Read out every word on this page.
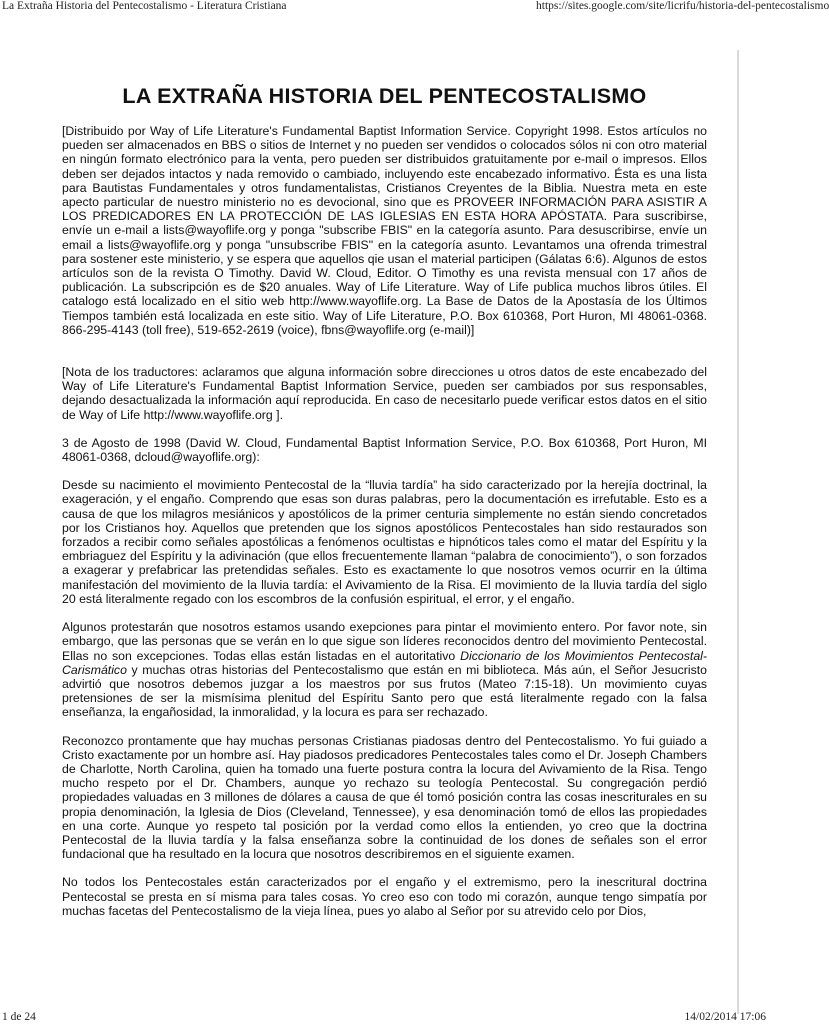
La Extraña Historia del Pentecostalismo - Literatura Cristiana	https://sites.google.com/site/licrifu/historia-del-pentecostalismo
LA EXTRAÑA HISTORIA DEL PENTECOSTALISMO

[Distribuido por Way of Life Literature's Fundamental Baptist Information Service. Copyright 1998. Estos artículos no pueden ser almacenados en BBS o sitios de Internet y no pueden ser vendidos o colocados sólos ni con otro material en ningún formato electrónico para la venta, pero pueden ser distribuidos gratuitamente por e-mail o impresos. Ellos deben ser dejados intactos y nada removido o cambiado, incluyendo este encabezado informativo. Ésta es una lista para Bautistas Fundamentales y otros fundamentalistas, Cristianos Creyentes de la Biblia. Nuestra meta en este apecto particular de nuestro ministerio no es devocional, sino que es PROVEER INFORMACIÓN PARA ASISTIR A LOS PREDICADORES EN LA PROTECCIÓN DE LAS IGLESIAS EN ESTA HORA APÓSTATA. Para suscribirse, envíe un e-mail a lists@wayoflife.org y ponga "subscribe FBIS" en la categoría asunto. Para desuscribirse, envíe un email a lists@wayoflife.org y ponga "unsubscribe FBIS" en la categoría asunto. Levantamos una ofrenda trimestral para sostener este ministerio, y se espera que aquellos qie usan el material participen (Gálatas 6:6). Algunos de estos artículos son de la revista O Timothy. David W. Cloud, Editor. O Timothy es una revista mensual con 17 años de publicación. La subscripción es de $20 anuales. Way of Life Literature. Way of Life publica muchos libros útiles. El catalogo está localizado en el sitio web http://www.wayoflife.org. La Base de Datos de la Apostasía de los Últimos Tiempos también está localizada en este sitio. Way of Life Literature, P.O. Box 610368, Port Huron, MI 48061-0368. 866-295-4143 (toll free), 519-652-2619 (voice), fbns@wayoflife.org (e-mail)]

[Nota de los traductores: aclaramos que alguna información sobre direcciones u otros datos de este encabezado del Way of Life Literature's Fundamental Baptist Information Service, pueden ser cambiados por sus responsables, dejando desactualizada la información aquí reproducida. En caso de necesitarlo puede verificar estos datos en el sitio de Way of Life http://www.wayoflife.org ].

3 de Agosto de 1998 (David W. Cloud, Fundamental Baptist Information Service, P.O. Box 610368, Port Huron, MI 48061-0368, dcloud@wayoflife.org):

Desde su nacimiento el movimiento Pentecostal de la “lluvia tardía” ha sido caracterizado por la herejía doctrinal, la exageración, y el engaño. Comprendo que esas son duras palabras, pero la documentación es irrefutable. Esto es a causa de que los milagros mesiánicos y apostólicos de la primer centuria simplemente no están siendo concretados por los Cristianos hoy. Aquellos que pretenden que los signos apostólicos Pentecostales han sido restaurados son forzados a recibir como señales apostólicas a fenómenos ocultistas e hipnóticos tales como el matar del Espíritu y la embriaguez del Espíritu y la adivinación (que ellos frecuentemente llaman “palabra de conocimiento”), o son forzados a exagerar y prefabricar las pretendidas señales. Esto es exactamente lo que nosotros vemos ocurrir en la última manifestación del movimiento de la lluvia tardía: el Avivamiento de la Risa. El movimiento de la lluvia tardía del siglo 20 está literalmente regado con los escombros de la confusión espiritual, el error, y el engaño.

Algunos protestarán que nosotros estamos usando exepciones para pintar el movimiento entero. Por favor note, sin embargo, que las personas que se verán en lo que sigue son líderes reconocidos dentro del movimiento Pentecostal. Ellas no son excepciones. Todas ellas están listadas en el autoritativo Diccionario de los Movimientos Pentecostal-Carismático y muchas otras historias del Pentecostalismo que están en mi biblioteca. Más aún, el Señor Jesucristo advirtió que nosotros debemos juzgar a los maestros por sus frutos (Mateo 7:15-18). Un movimiento cuyas pretensiones de ser la mismísima plenitud del Espíritu Santo pero que está literalmente regado con la falsa enseñanza, la engañosidad, la inmoralidad, y la locura es para ser rechazado.

Reconozco prontamente que hay muchas personas Cristianas piadosas dentro del Pentecostalismo. Yo fui guiado a Cristo exactamente por un hombre así. Hay piadosos predicadores Pentecostales tales como el Dr. Joseph Chambers de Charlotte, North Carolina, quien ha tomado una fuerte postura contra la locura del Avivamiento de la Risa. Tengo mucho respeto por el Dr. Chambers, aunque yo rechazo su teología Pentecostal. Su congregación perdió propiedades valuadas en 3 millones de dólares a causa de que él tomó posición contra las cosas inescriturales en su propia denominación, la Iglesia de Dios (Cleveland, Tennessee), y esa denominación tomó de ellos las propiedades en una corte. Aunque yo respeto tal posición por la verdad como ellos la entienden, yo creo que la doctrina Pentecostal de la lluvia tardía y la falsa enseñanza sobre la continuidad de los dones de señales son el error fundacional que ha resultado en la locura que nosotros describiremos en el siguiente examen.

No todos los Pentecostales están caracterizados por el engaño y el extremismo, pero la inescritural doctrina Pentecostal se presta en sí misma para tales cosas. Yo creo eso con todo mi corazón, aunque tengo simpatía por muchas facetas del Pentecostalismo de la vieja línea, pues yo alabo al Señor por su atrevido celo por Dios,

1 de 24	14/02/2014 17:06
